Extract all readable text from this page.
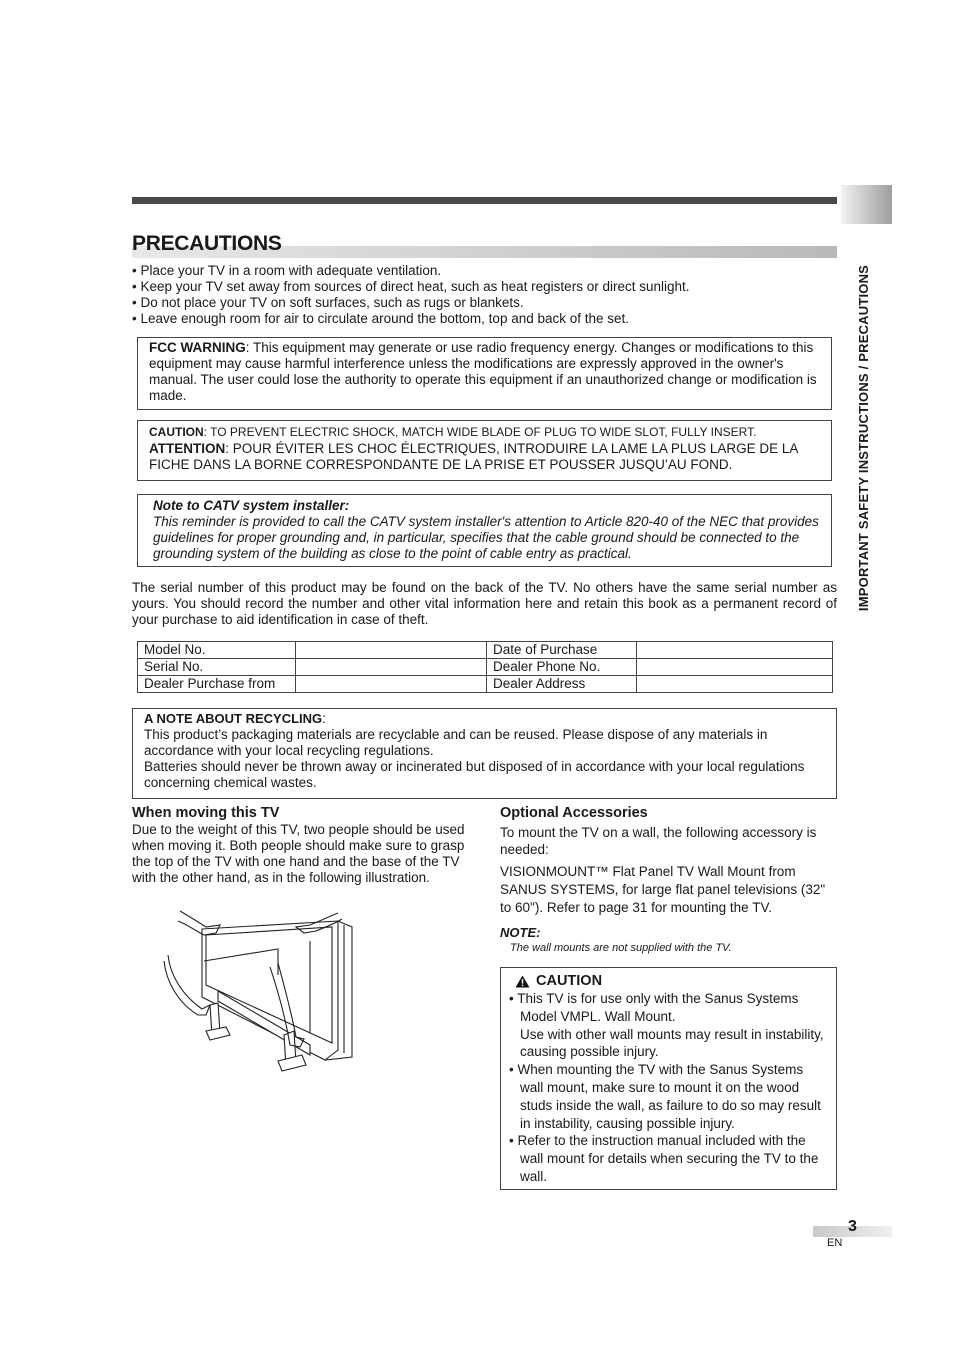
IMPORTANT SAFETY INSTRUCTIONS / PRECAUTIONS
PRECAUTIONS
• Place your TV in a room with adequate ventilation.
• Keep your TV set away from sources of direct heat, such as heat registers or direct sunlight.
• Do not place your TV on soft surfaces, such as rugs or blankets.
• Leave enough room for air to circulate around the bottom, top and back of the set.

FCC WARNING: This equipment may generate or use radio frequency energy. Changes or modifications to this equipment may cause harmful interference unless the modifications are expressly approved in the owner's manual. The user could lose the authority to operate this equipment if an unauthorized change or modification is made.

CAUTION: TO PREVENT ELECTRIC SHOCK, MATCH WIDE BLADE OF PLUG TO WIDE SLOT, FULLY INSERT.

ATTENTION: POUR ÉVITER LES CHOC ÉLECTRIQUES, INTRODUIRE LA LAME LA PLUS LARGE DE LA FICHE DANS LA BORNE CORRESPONDANTE DE LA PRISE ET POUSSER JUSQU’AU FOND.

Note to CATV system installer:

This reminder is provided to call the CATV system installer's attention to Article 820-40 of the NEC that provides guidelines for proper grounding and, in particular, specifies that the cable ground should be connected to the grounding system of the building as close to the point of cable entry as practical.

The serial number of this product may be found on the back of the TV. No others have the same serial number as yours. You should record the number and other vital information here and retain this book as a permanent record of your purchase to aid identification in case of theft.

Model No.		Date of Purchase	
Serial No.		Dealer Phone No.	
Dealer Purchase from		Dealer Address	

A NOTE ABOUT RECYCLING:

This product’s packaging materials are recyclable and can be reused. Please dispose of any materials in accordance with your local recycling regulations.

Batteries should never be thrown away or incinerated but disposed of in accordance with your local regulations concerning chemical wastes.

When moving this TV

Due to the weight of this TV, two people should be used when moving it. Both people should make sure to grasp the top of the TV with one hand and the base of the TV with the other hand, as in the following illustration.

Optional Accessories

To mount the TV on a wall, the following accessory is needed:

VISIONMOUNT™ Flat Panel TV Wall Mount from SANUS SYSTEMS, for large flat panel televisions (32" to 60"). Refer to page 31 for mounting the TV.

NOTE:

The wall mounts are not supplied with the TV.

CAUTION
• This TV is for use only with the Sanus Systems Model VMPL. Wall Mount.
Use with other wall mounts may result in instability, causing possible injury.
• When mounting the TV with the Sanus Systems wall mount, make sure to mount it on the wood studs inside the wall, as failure to do so may result in instability, causing possible injury.
• Refer to the instruction manual included with the wall mount for details when securing the TV to the wall.
3
EN
